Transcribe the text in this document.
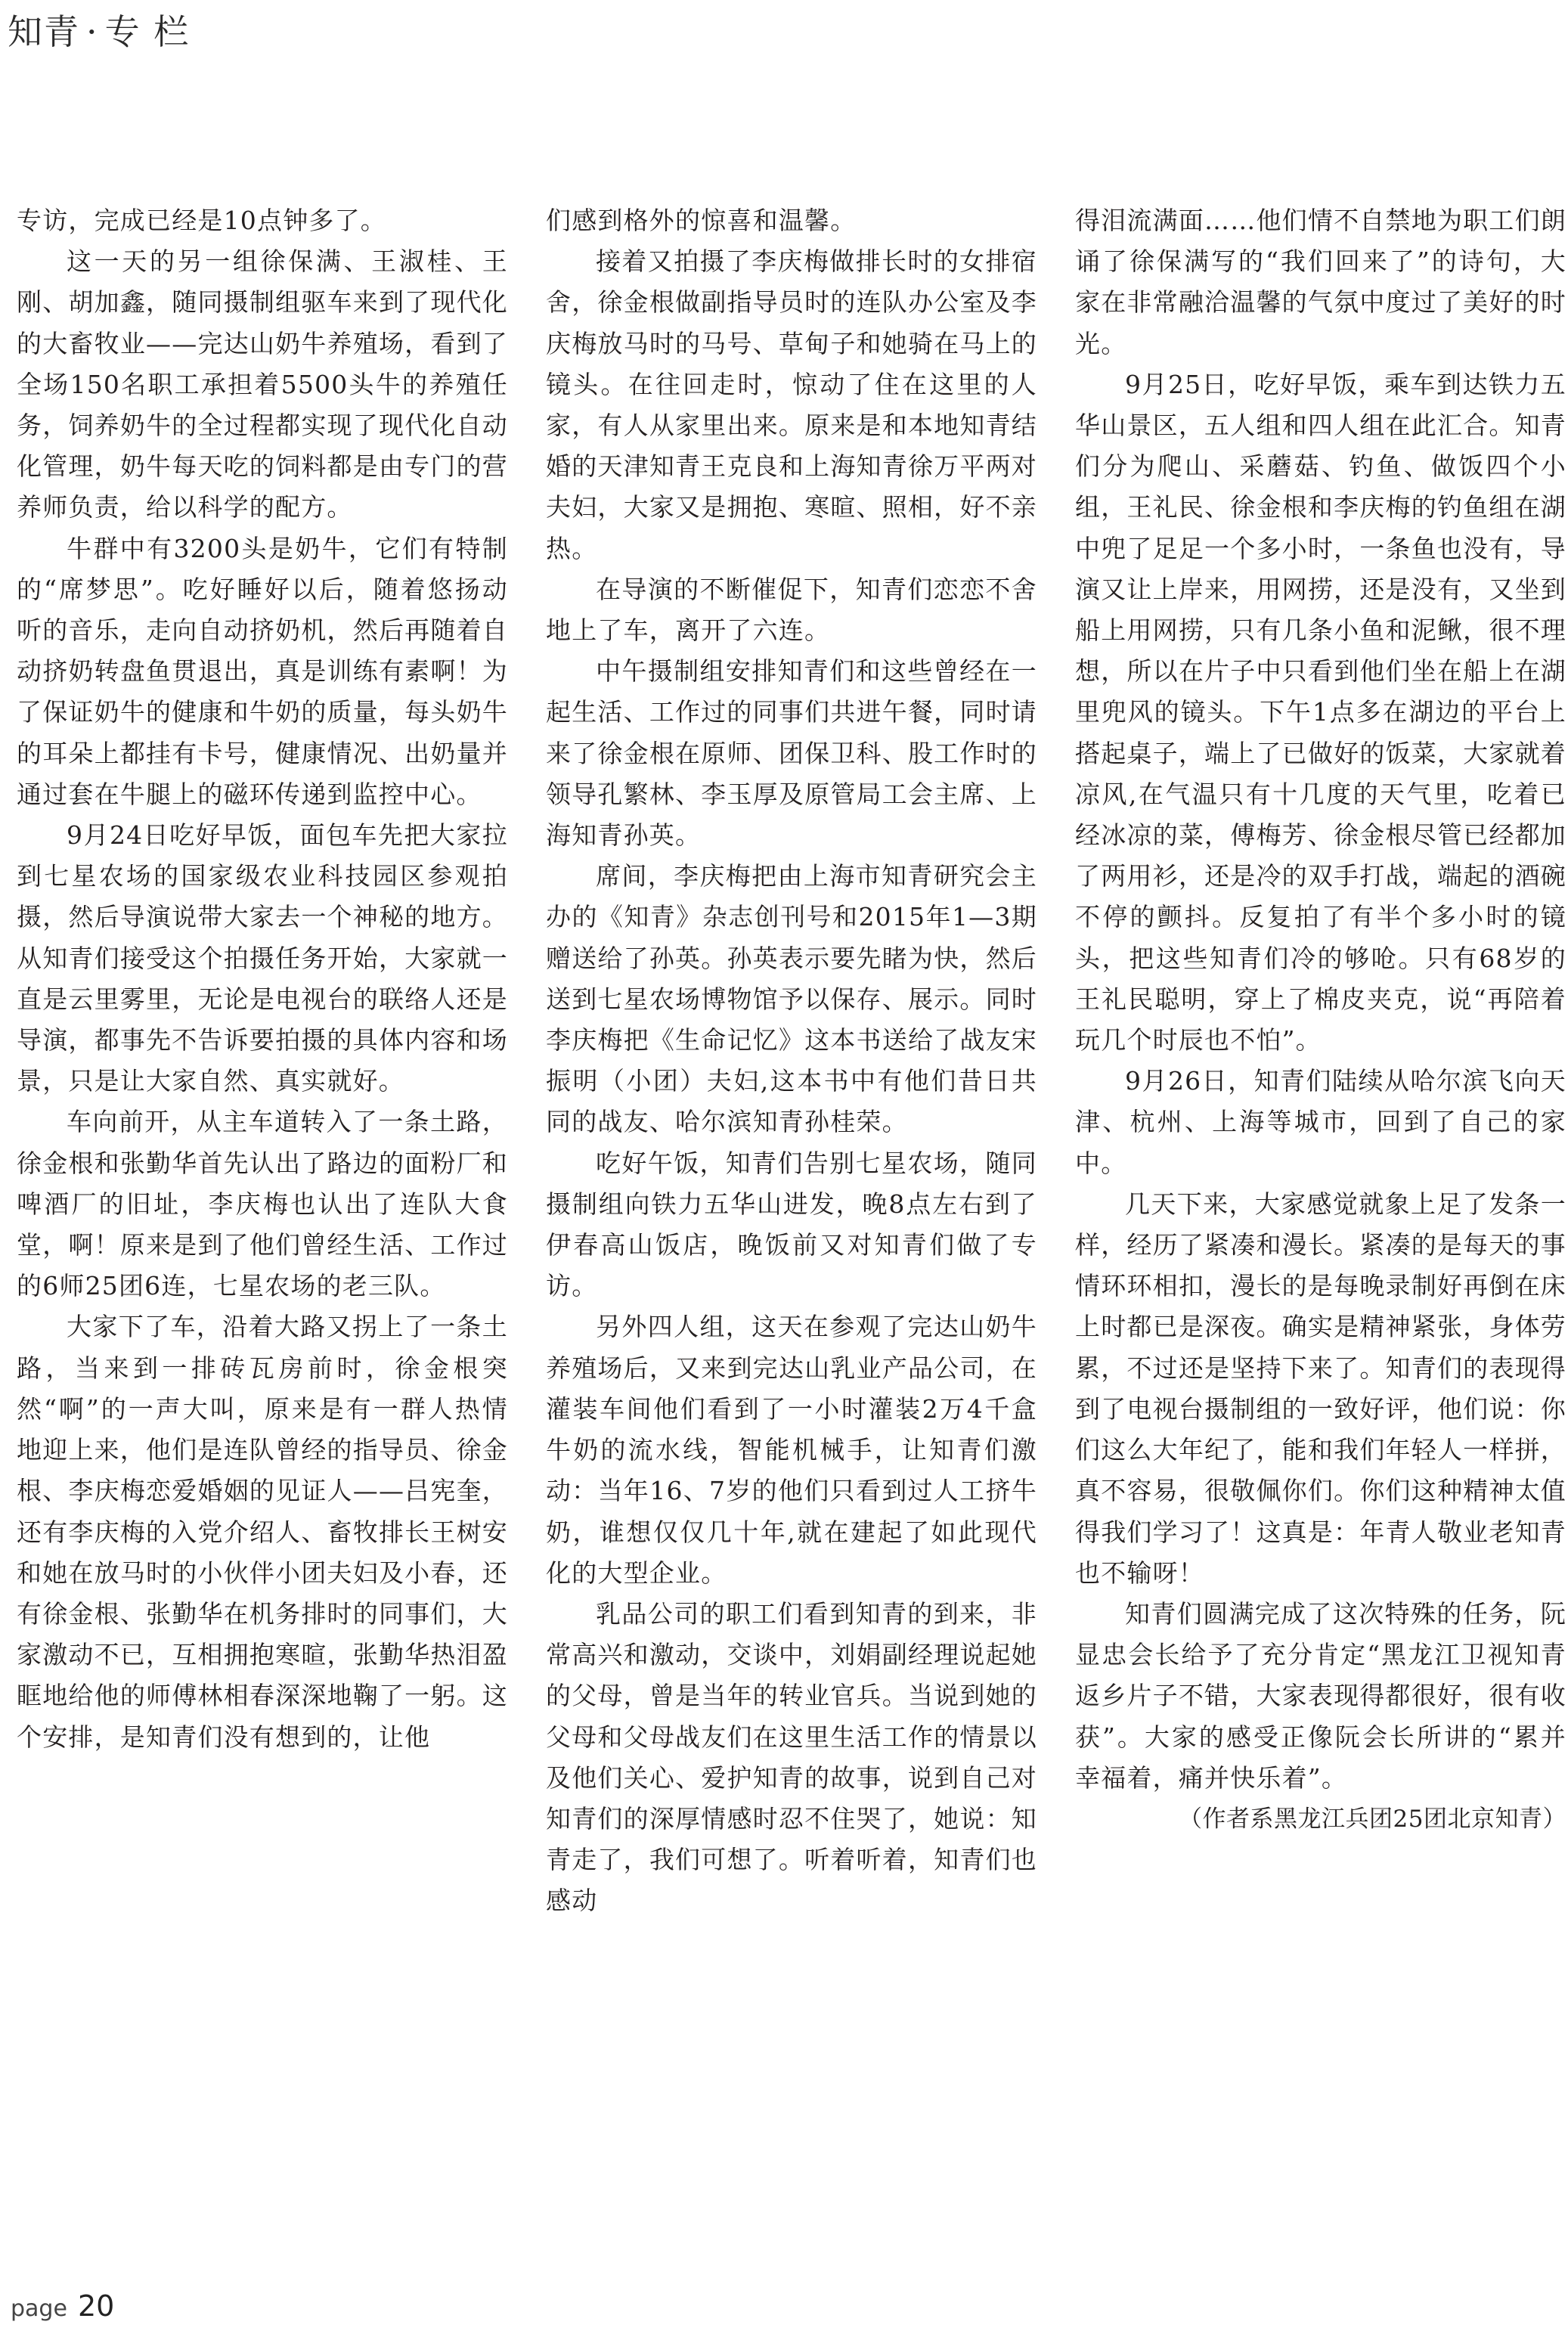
知青 · 专 栏

专访，完成已经是10点钟多了。

这一天的另一组徐保满、王淑桂、王刚、胡加鑫，随同摄制组驱车来到了现代化的大畜牧业——完达山奶牛养殖场，看到了全场150名职工承担着5500头牛的养殖任务，饲养奶牛的全过程都实现了现代化自动化管理，奶牛每天吃的饲料都是由专门的营养师负责，给以科学的配方。

牛群中有3200头是奶牛，它们有特制的“席梦思”。吃好睡好以后，随着悠扬动听的音乐，走向自动挤奶机，然后再随着自动挤奶转盘鱼贯退出，真是训练有素啊！为了保证奶牛的健康和牛奶的质量，每头奶牛的耳朵上都挂有卡号，健康情况、出奶量并通过套在牛腿上的磁环传递到监控中心。

9月24日吃好早饭，面包车先把大家拉到七星农场的国家级农业科技园区参观拍摄，然后导演说带大家去一个神秘的地方。从知青们接受这个拍摄任务开始，大家就一直是云里雾里，无论是电视台的联络人还是导演，都事先不告诉要拍摄的具体内容和场景，只是让大家自然、真实就好。

车向前开，从主车道转入了一条土路，徐金根和张勤华首先认出了路边的面粉厂和啤酒厂的旧址，李庆梅也认出了连队大食堂，啊！原来是到了他们曾经生活、工作过的6师25团6连，七星农场的老三队。

大家下了车，沿着大路又拐上了一条土路，当来到一排砖瓦房前时，徐金根突然“啊”的一声大叫，原来是有一群人热情地迎上来，他们是连队曾经的指导员、徐金根、李庆梅恋爱婚姻的见证人——吕宪奎，还有李庆梅的入党介绍人、畜牧排长王树安和她在放马时的小伙伴小团夫妇及小春，还有徐金根、张勤华在机务排时的同事们，大家激动不已，互相拥抱寒暄，张勤华热泪盈眶地给他的师傅林相春深深地鞠了一躬。这个安排，是知青们没有想到的，让他

们感到格外的惊喜和温馨。

接着又拍摄了李庆梅做排长时的女排宿舍，徐金根做副指导员时的连队办公室及李庆梅放马时的马号、草甸子和她骑在马上的镜头。在往回走时，惊动了住在这里的人家，有人从家里出来。原来是和本地知青结婚的天津知青王克良和上海知青徐万平两对夫妇，大家又是拥抱、寒暄、照相，好不亲热。

在导演的不断催促下，知青们恋恋不舍地上了车，离开了六连。

中午摄制组安排知青们和这些曾经在一起生活、工作过的同事们共进午餐，同时请来了徐金根在原师、团保卫科、股工作时的领导孔繁林、李玉厚及原管局工会主席、上海知青孙英。

席间，李庆梅把由上海市知青研究会主办的《知青》杂志创刊号和2015年1—3期赠送给了孙英。孙英表示要先睹为快，然后送到七星农场博物馆予以保存、展示。同时李庆梅把《生命记忆》这本书送给了战友宋振明（小团）夫妇,这本书中有他们昔日共同的战友、哈尔滨知青孙桂荣。

吃好午饭，知青们告别七星农场，随同摄制组向铁力五华山进发，晚8点左右到了伊春高山饭店，晚饭前又对知青们做了专访。

另外四人组，这天在参观了完达山奶牛养殖场后，又来到完达山乳业产品公司，在灌装车间他们看到了一小时灌装2万4千盒牛奶的流水线，智能机械手，让知青们激动：当年16、7岁的他们只看到过人工挤牛奶，谁想仅仅几十年,就在建起了如此现代化的大型企业。

乳品公司的职工们看到知青的到来，非常高兴和激动，交谈中，刘娟副经理说起她的父母，曾是当年的转业官兵。当说到她的父母和父母战友们在这里生活工作的情景以及他们关心、爱护知青的故事，说到自己对知青们的深厚情感时忍不住哭了，她说：知青走了，我们可想了。听着听着，知青们也感动

得泪流满面……他们情不自禁地为职工们朗诵了徐保满写的“我们回来了”的诗句，大家在非常融洽温馨的气氛中度过了美好的时光。

9月25日，吃好早饭，乘车到达铁力五华山景区，五人组和四人组在此汇合。知青们分为爬山、采蘑菇、钓鱼、做饭四个小组，王礼民、徐金根和李庆梅的钓鱼组在湖中兜了足足一个多小时，一条鱼也没有，导演又让上岸来，用网捞，还是没有，又坐到船上用网捞，只有几条小鱼和泥鳅，很不理想，所以在片子中只看到他们坐在船上在湖里兜风的镜头。下午1点多在湖边的平台上搭起桌子，端上了已做好的饭菜，大家就着凉风,在气温只有十几度的天气里，吃着已经冰凉的菜，傅梅芳、徐金根尽管已经都加了两用衫，还是冷的双手打战，端起的酒碗不停的颤抖。反复拍了有半个多小时的镜头，把这些知青们冷的够呛。只有68岁的王礼民聪明，穿上了棉皮夹克，说“再陪着玩几个时辰也不怕”。

9月26日，知青们陆续从哈尔滨飞向天津、杭州、上海等城市，回到了自己的家中。

几天下来，大家感觉就象上足了发条一样，经历了紧凑和漫长。紧凑的是每天的事情环环相扣，漫长的是每晚录制好再倒在床上时都已是深夜。确实是精神紧张，身体劳累，不过还是坚持下来了。知青们的表现得到了电视台摄制组的一致好评，他们说：你们这么大年纪了，能和我们年轻人一样拼，真不容易，很敬佩你们。你们这种精神太值得我们学习了！这真是：年青人敬业老知青也不输呀！

知青们圆满完成了这次特殊的任务，阮显忠会长给予了充分肯定“黑龙江卫视知青返乡片子不错，大家表现得都很好，很有收获”。大家的感受正像阮会长所讲的“累并幸福着，痛并快乐着”。

（作者系黑龙江兵团25团北京知青）

page 20
